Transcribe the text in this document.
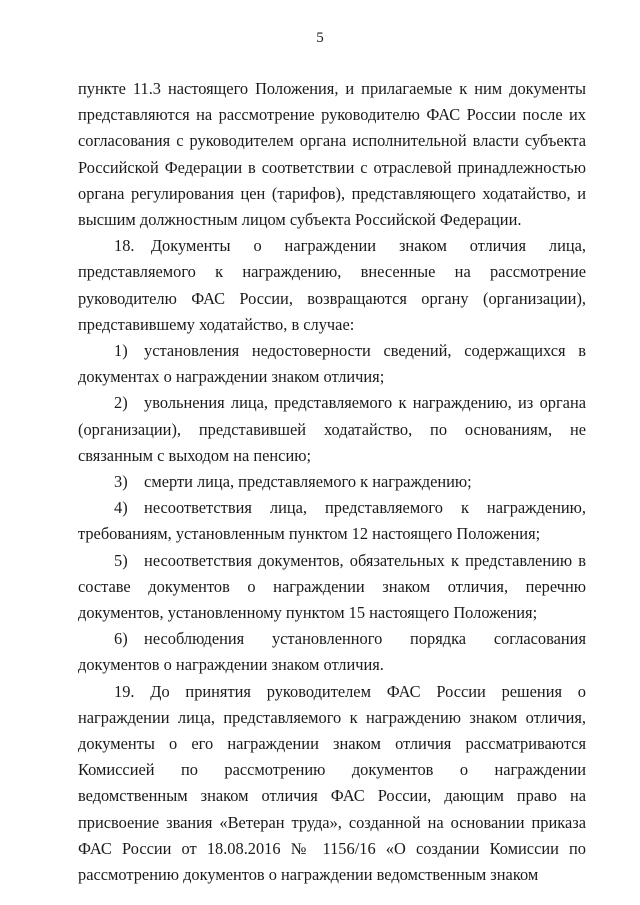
5

пункте 11.3 настоящего Положения, и прилагаемые к ним документы представляются на рассмотрение руководителю ФАС России после их согласования с руководителем органа исполнительной власти субъекта Российской Федерации в соответствии с отраслевой принадлежностью органа регулирования цен (тарифов), представляющего ходатайство, и высшим должностным лицом субъекта Российской Федерации.

18. Документы о награждении знаком отличия лица, представляемого к награждению, внесенные на рассмотрение руководителю ФАС России, возвращаются органу (организации), представившему ходатайство, в случае:

1) установления недостоверности сведений, содержащихся в документах о награждении знаком отличия;

2) увольнения лица, представляемого к награждению, из органа (организации), представившей ходатайство, по основаниям, не связанным с выходом на пенсию;

3) смерти лица, представляемого к награждению;

4) несоответствия лица, представляемого к награждению, требованиям, установленным пунктом 12 настоящего Положения;

5) несоответствия документов, обязательных к представлению в составе документов о награждении знаком отличия, перечню документов, установленному пунктом 15 настоящего Положения;

6) несоблюдения установленного порядка согласования документов о награждении знаком отличия.

19. До принятия руководителем ФАС России решения о награждении лица, представляемого к награждению знаком отличия, документы о его награждении знаком отличия рассматриваются Комиссией по рассмотрению документов о награждении ведомственным знаком отличия ФАС России, дающим право на присвоение звания «Ветеран труда», созданной на основании приказа ФАС России от 18.08.2016 № 1156/16 «О создании Комиссии по рассмотрению документов о награждении ведомственным знаком
